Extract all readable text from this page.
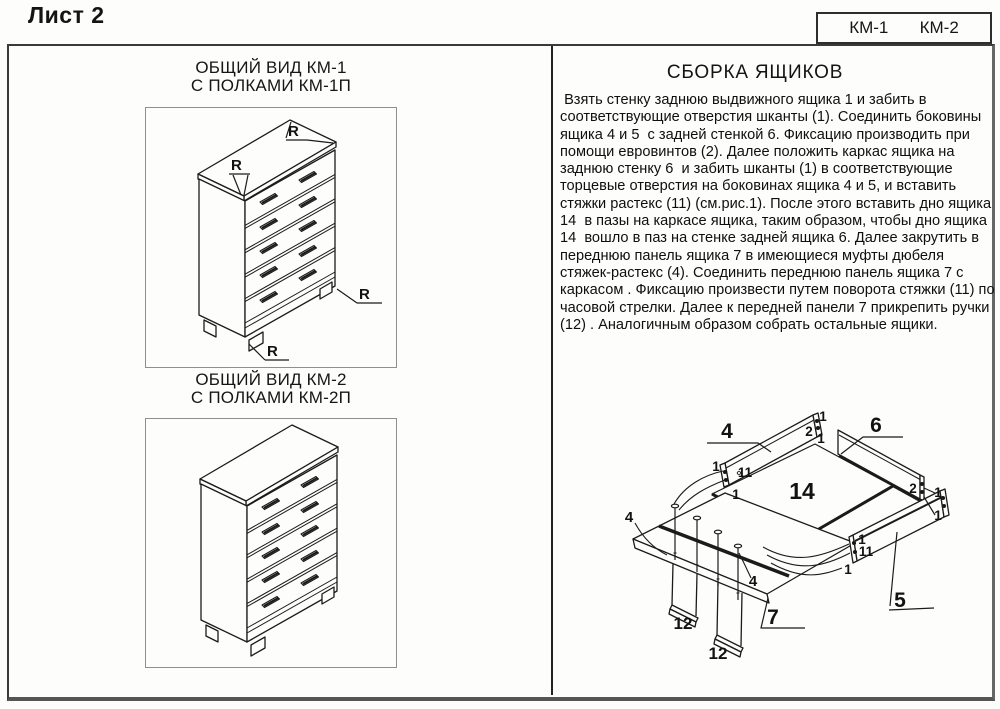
Лист 2	КМ-1 КМ-2
ОБЩИЙ ВИД КМ-1
С ПОЛКАМИ КМ-1П
R
R
R
R
ОБЩИЙ ВИД КМ-2
С ПОЛКАМИ КМ-2П
СБОРКА ЯЩИКОВ

Взять стенку заднюю выдвижного ящика 1 и забить в соответствующие отверстия шканты (1). Соединить боковины ящика 4 и 5  с задней стенкой 6. Фиксацию производить при помощи евровинтов (2). Далее положить каркас ящика на заднюю стенку 6  и забить шканты (1) в соответствующие  торцевые отверстия на боковинах ящика 4 и 5, и вставить стяжки растекс (11) (см.рис.1). После этого вставить дно ящика 14  в пазы на каркасе ящика, таким образом, чтобы дно ящика 14  вошло в паз на стенке задней ящика 6. Далее закрутить в переднюю панель ящика 7 в имеющиеся муфты дюбеля стяжек-растекс (4). Соединить переднюю панель ящика 7 с каркасом . Фиксацию произвести путем поворота стяжки (11) по часовой стрелки. Далее к передней панели 7 прикрепить ручки (12) . Аналогичным образом собрать остальные ящики.

4	6
5
7
14
12
12
4
4
1 11
1
1
2 1
2 1
1
1
11
1
